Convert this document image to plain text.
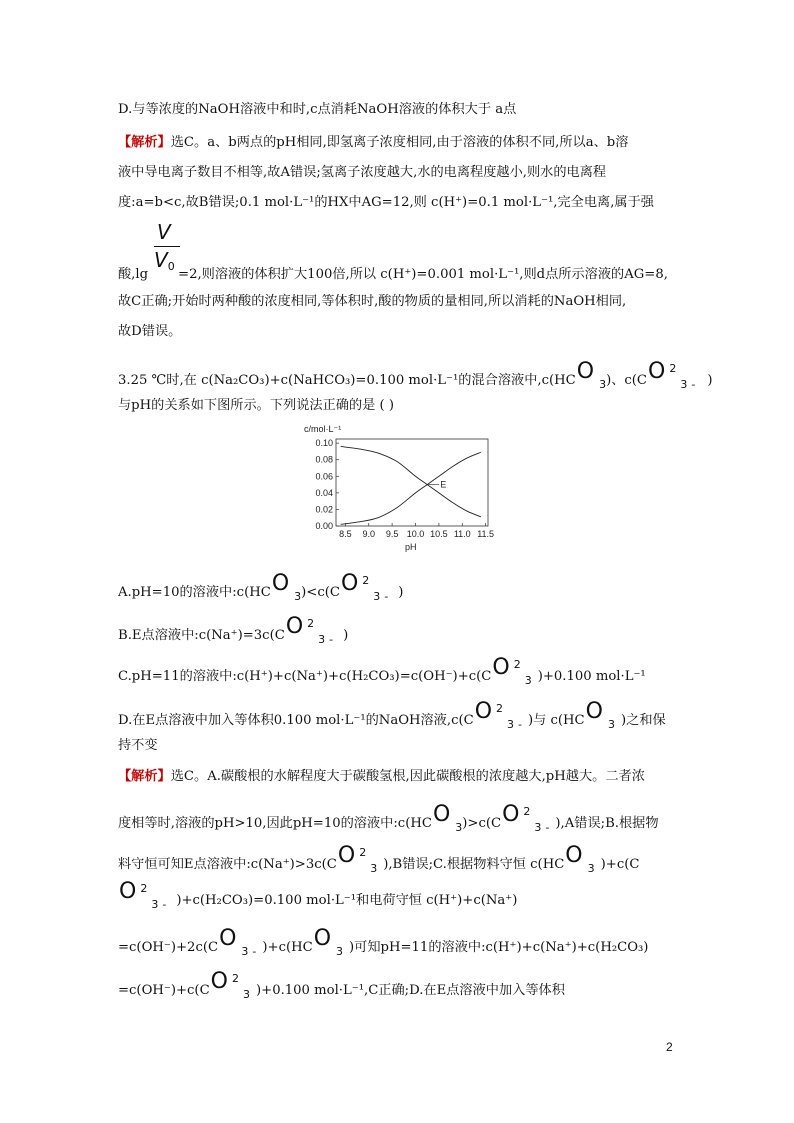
D.与等浓度的NaOH溶液中和时,c点消耗NaOH溶液的体积大于 a点
【解析】选C。a、b两点的pH相同,即氢离子浓度相同,由于溶液的体积不同,所以a、b溶
液中导电离子数目不相等,故A错误;氢离子浓度越大,水的电离程度越小,则水的电离程
度:a=b<c,故B错误;0.1 mol·L⁻¹的HX中AG=12,则 c(H⁺)=0.1 mol·L⁻¹,完全电离,属于强
V
V0
酸,lg =2,则溶液的体积扩大100倍,所以 c(H⁺)=0.001 mol·L⁻¹,则d点所示溶液的AG=8,
故C正确;开始时两种酸的浓度相同,等体积时,酸的物质的量相同,所以消耗的NaOH相同,
故D错误。
3.25 ℃时,在 c(Na₂CO₃)+c(NaHCO₃)=0.100 mol·L⁻¹的混合溶液中$,c(HCO_3)$、c(CO $^2_3$ $_-$ )
与pH的关系如下图所示。下列说法正确的是 ( )
c/mol·L⁻¹
0.10
0.08
0.06
0.04
0.02
0.00
8.5 9.0 9.5 10.0 10.5 11.0 11.5
E
pH
A.pH=10的溶液中$:c(HCO_3)<c(CO$ $^2_3$ $_-$ )
B.E点溶液中:c(Na⁺)=3c(CO $^2_3$ $_-$ )
C.pH=11的溶液中:c(H⁺)+c(Na⁺)+c(H₂CO₃)=c(OH⁻)+c(CO $^2_3$ )+0.100 mol·L⁻¹
D.在E点溶液中加入等体积0.100 mol·L⁻¹的NaOH溶液,c(CO $^2_3$ $_-$ )与 $c(HCO_3$ )之和保
持不变
【解析】选C。A.碳酸根的水解程度大于碳酸氢根,因此碳酸根的浓度越大,pH越大。二者浓
度相等时,溶液的pH>10,因此pH=10的溶液中$:c(HCO_3)>c(CO$ $^2_3$ $_-$ ),A错误;B.根据物
料守恒可知E点溶液中:c(Na⁺)>3c(CO $^2_3$ ),B错误;C.根据物料守恒 $c(HCO_3$ )+c(C
O $^2_3$ $_-$ )+c(H₂CO₃)=0.100 mol·L⁻¹和电荷守恒 c(H⁺)+c(Na⁺)
$=c(OH^-)+2c(CO_3$ $_-$ )$+c(HCO_3$ )可知pH=11的溶液中:c(H⁺)+c(Na⁺)+c(H₂CO₃)
=c(OH⁻)+c(CO $^2_3$ )+0.100 mol·L⁻¹,C正确;D.在E点溶液中加入等体积
2
